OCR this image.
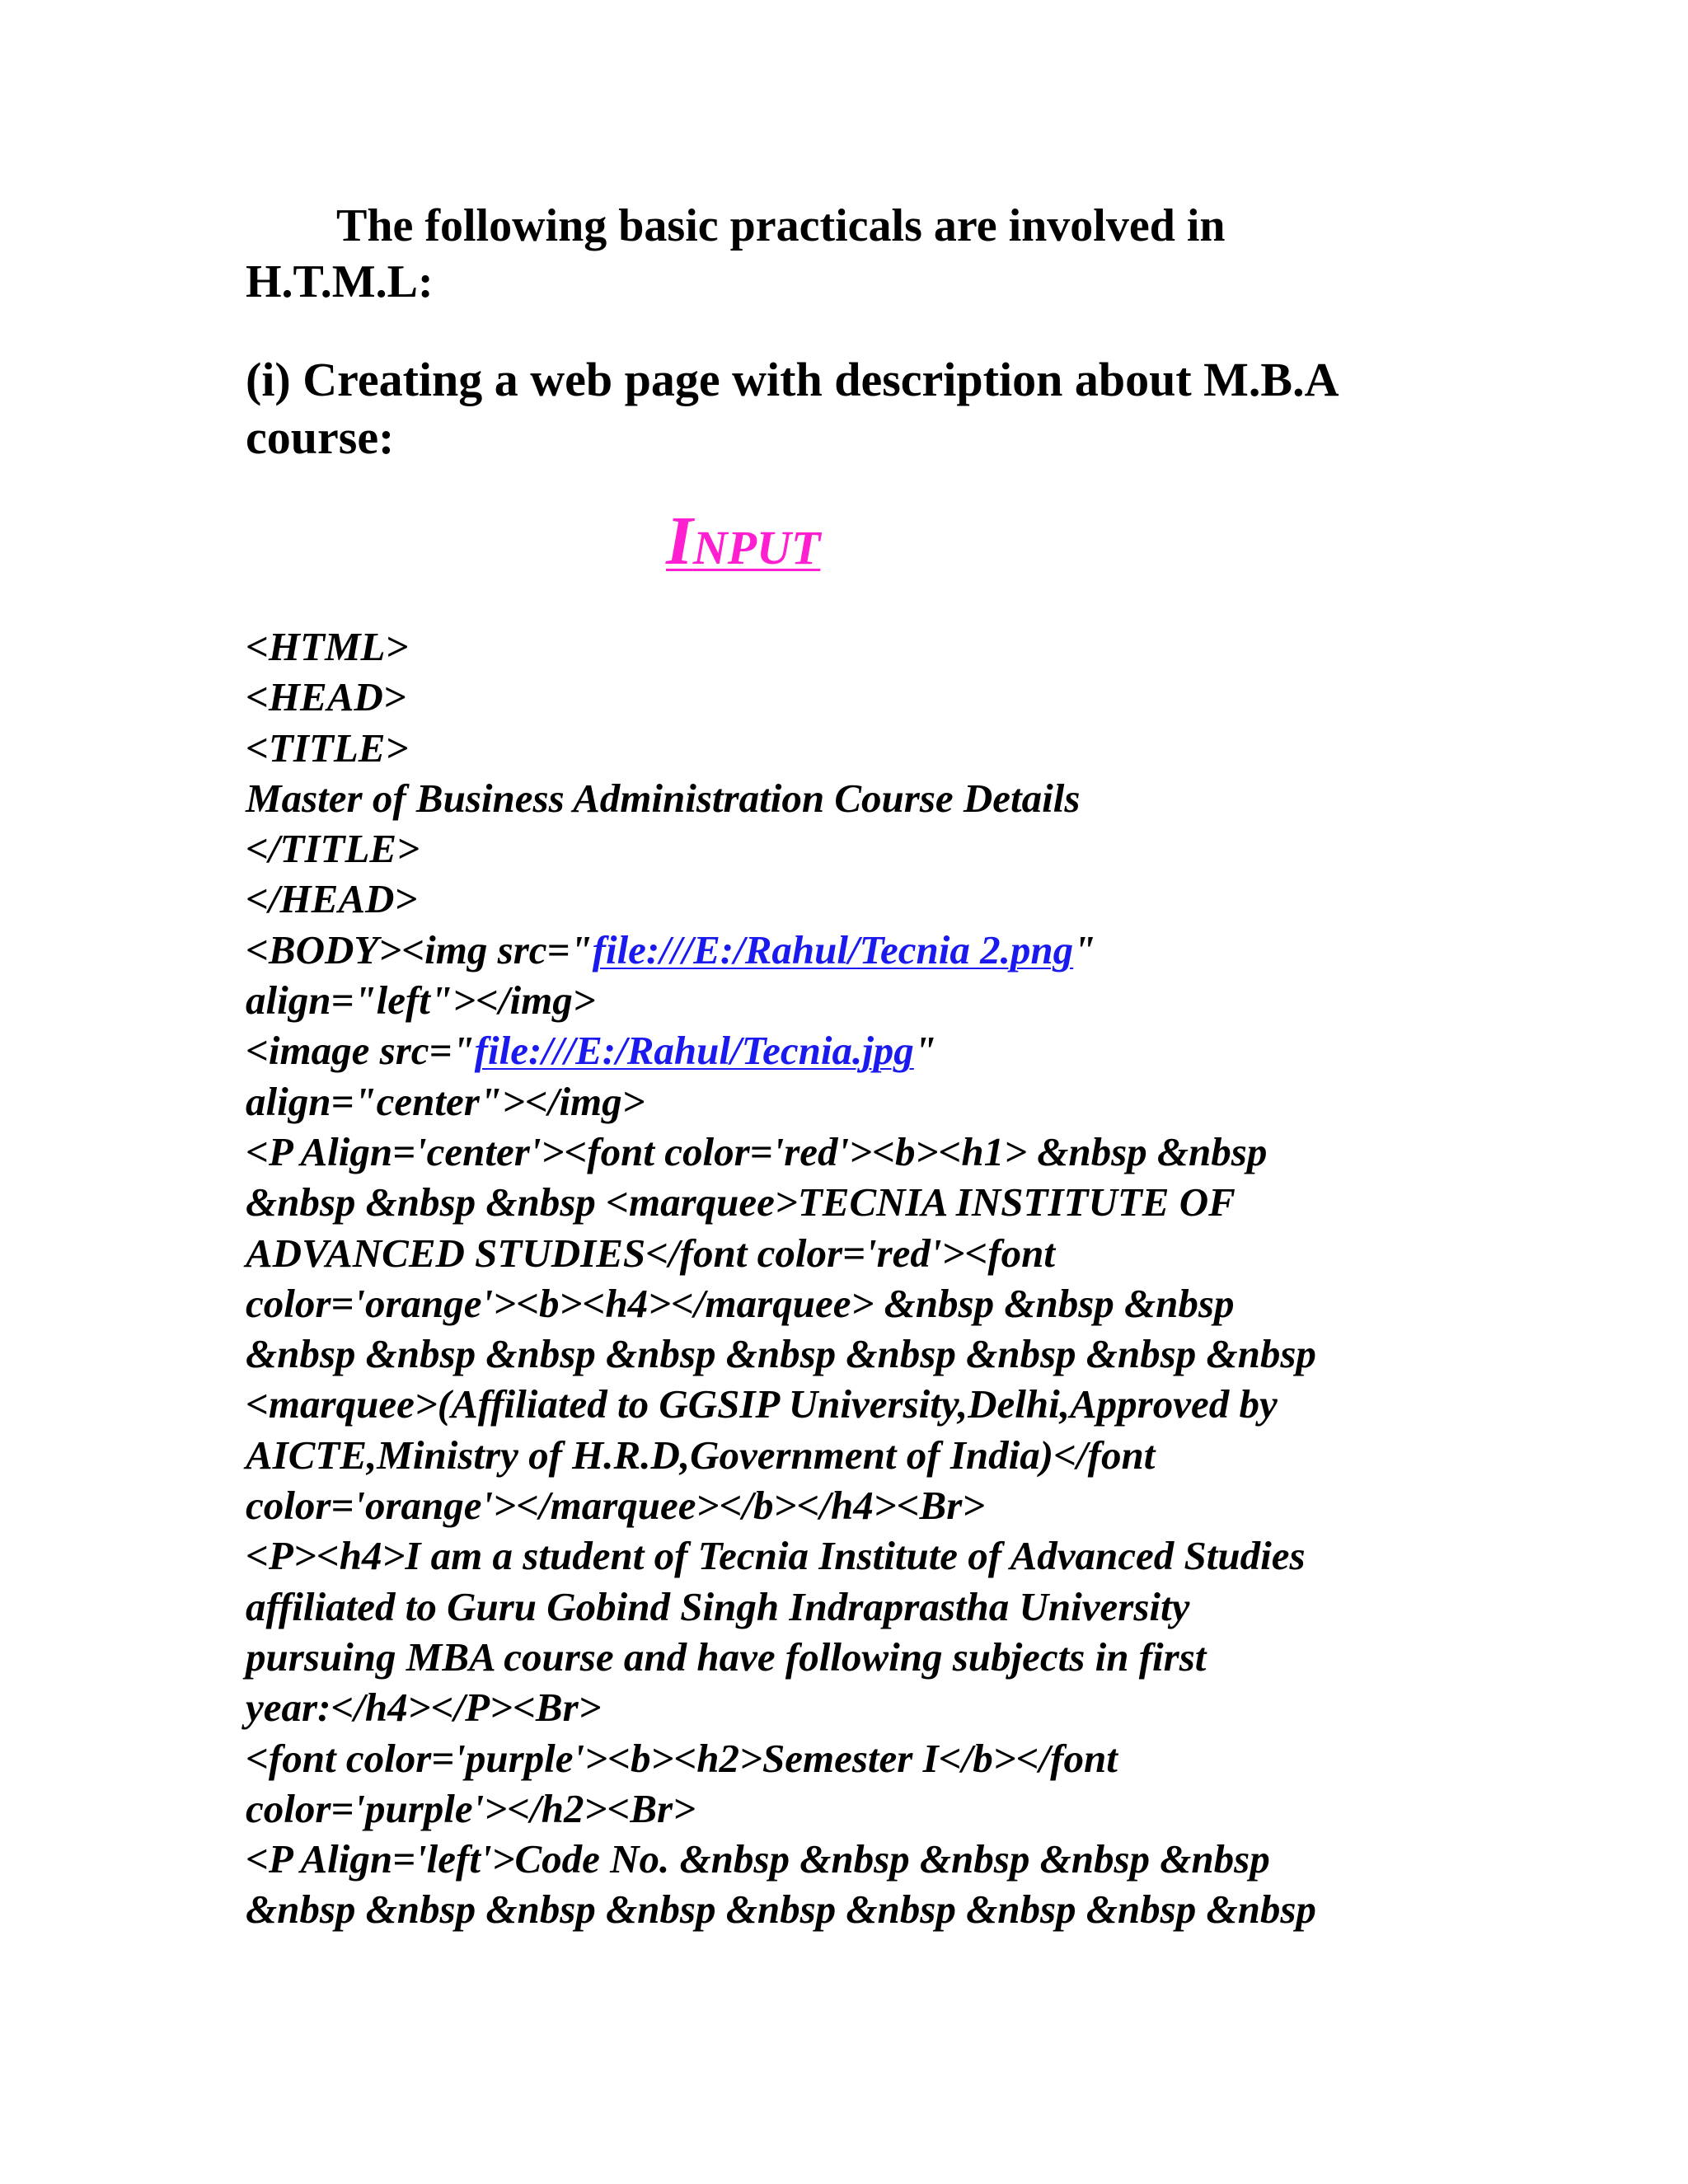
The following basic practicals are involved in
H.T.M.L:

(i) Creating a web page with description about M.B.A
course:

INPUT

<HTML>
<HEAD>
<TITLE>
Master of Business Administration Course Details
</TITLE>
</HEAD>
<BODY><img src="file:///E:/Rahul/Tecnia 2.png"
align="left"></img>
<image src="file:///E:/Rahul/Tecnia.jpg"
align="center"></img>
<P Align='center'><font color='red'><b><h1> &nbsp &nbsp
&nbsp &nbsp &nbsp <marquee>TECNIA INSTITUTE OF
ADVANCED STUDIES</font color='red'><font
color='orange'><b><h4></marquee> &nbsp &nbsp &nbsp
&nbsp &nbsp &nbsp &nbsp &nbsp &nbsp &nbsp &nbsp &nbsp
<marquee>(Affiliated to GGSIP University,Delhi,Approved by
AICTE,Ministry of H.R.D,Government of India)</font
color='orange'></marquee></b></h4><Br>
<P><h4>I am a student of Tecnia Institute of Advanced Studies
affiliated to Guru Gobind Singh Indraprastha University
pursuing MBA course and have following subjects in first
year:</h4></P><Br>
<font color='purple'><b><h2>Semester I</b></font
color='purple'></h2><Br>
<P Align='left'>Code No. &nbsp &nbsp &nbsp &nbsp &nbsp
&nbsp &nbsp &nbsp &nbsp &nbsp &nbsp &nbsp &nbsp &nbsp
